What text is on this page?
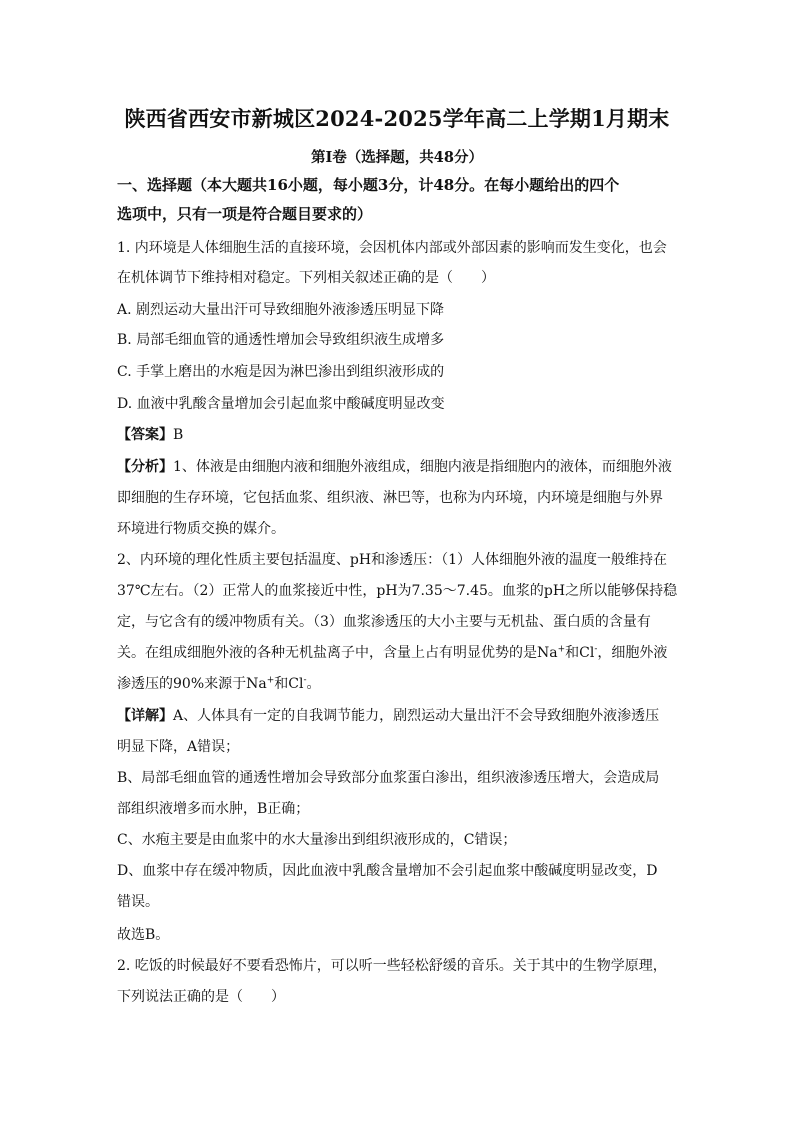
陕西省西安市新城区2024-2025学年高二上学期1月期末
第Ⅰ卷（选择题，共48分）
一、选择题（本大题共16小题，每小题3分，计48分。在每小题给出的四个
选项中，只有一项是符合题目要求的）
1. 内环境是人体细胞生活的直接环境，会因机体内部或外部因素的影响而发生变化，也会
在机体调节下维持相对稳定。下列相关叙述正确的是（　　）
A. 剧烈运动大量出汗可导致细胞外液渗透压明显下降
B. 局部毛细血管的通透性增加会导致组织液生成增多
C. 手掌上磨出的水疱是因为淋巴渗出到组织液形成的
D. 血液中乳酸含量增加会引起血浆中酸碱度明显改变
【答案】B
【分析】1、体液是由细胞内液和细胞外液组成，细胞内液是指细胞内的液体，而细胞外液
即细胞的生存环境，它包括血浆、组织液、淋巴等，也称为内环境，内环境是细胞与外界
环境进行物质交换的媒介。
2、内环境的理化性质主要包括温度、pH和渗透压：（1）人体细胞外液的温度一般维持在
37℃左右。（2）正常人的血浆接近中性，pH为7.35～7.45。血浆的pH之所以能够保持稳
定，与它含有的缓冲物质有关。（3）血浆渗透压的大小主要与无机盐、蛋白质的含量有
关。在组成细胞外液的各种无机盐离子中，含量上占有明显优势的是Na+和Cl-，细胞外液
渗透压的90%来源于Na+和Cl-。
【详解】A、人体具有一定的自我调节能力，剧烈运动大量出汗不会导致细胞外液渗透压
明显下降，A错误；
B、局部毛细血管的通透性增加会导致部分血浆蛋白渗出，组织液渗透压增大，会造成局
部组织液增多而水肿，B正确；
C、水疱主要是由血浆中的水大量渗出到组织液形成的，C错误；
D、血浆中存在缓冲物质，因此血液中乳酸含量增加不会引起血浆中酸碱度明显改变，D
错误。
故选B。
2. 吃饭的时候最好不要看恐怖片，可以听一些轻松舒缓的音乐。关于其中的生物学原理，
下列说法正确的是（　　）
